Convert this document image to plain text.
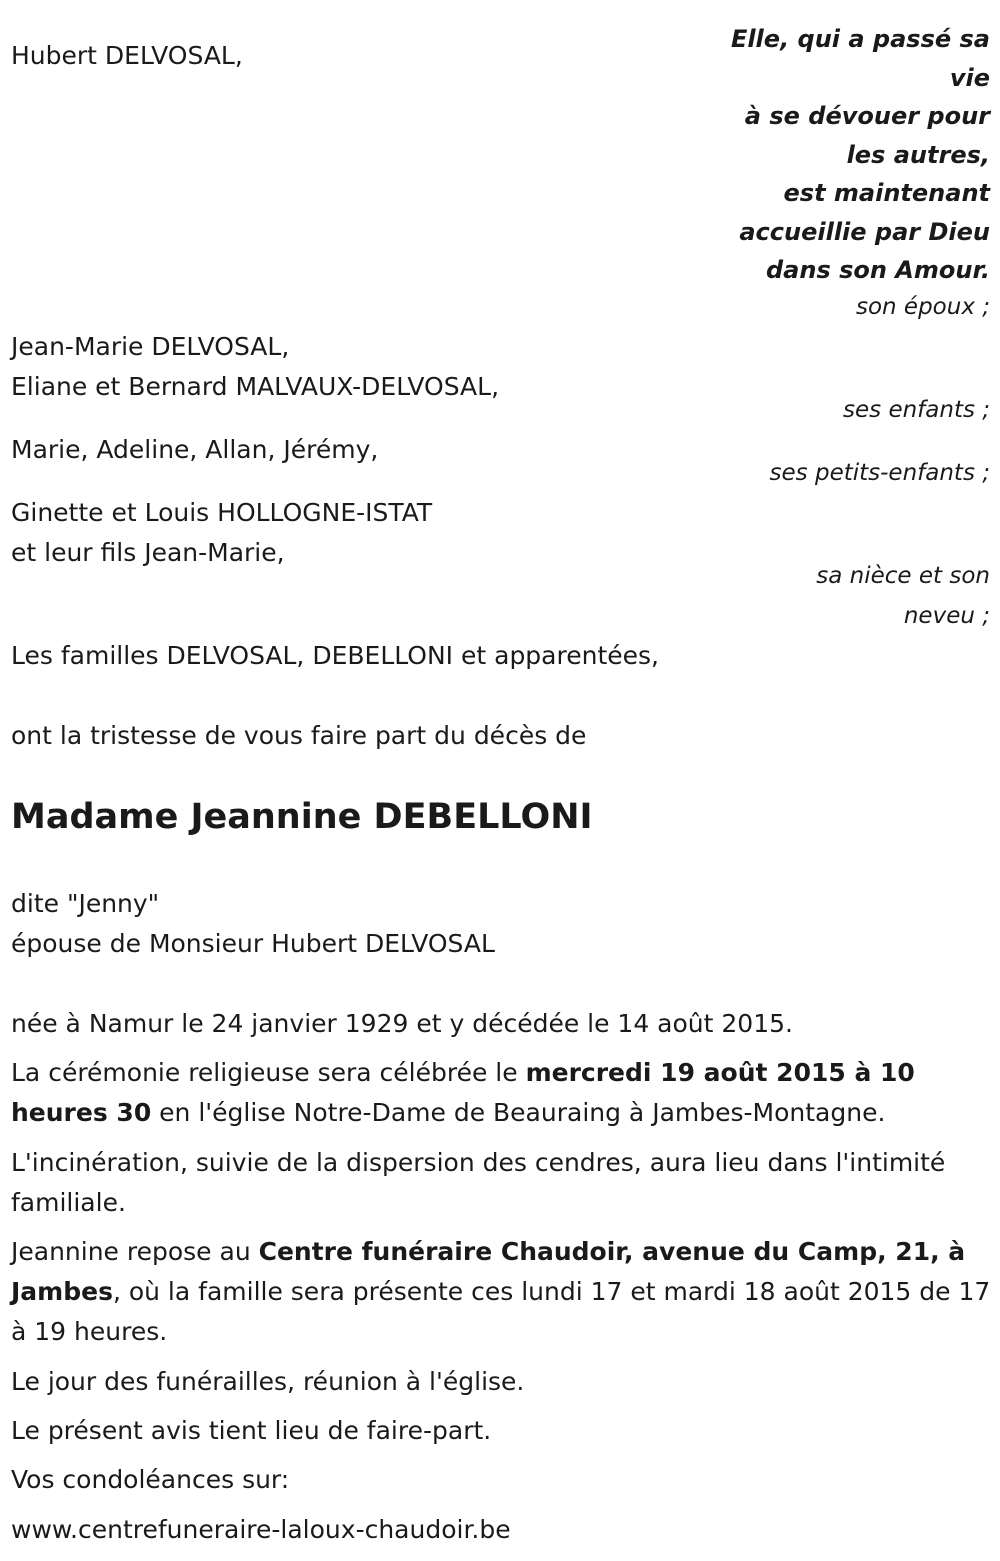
Elle, qui a passé sa
vie
à se dévouer pour
les autres,
est maintenant
accueillie par Dieu
dans son Amour.
Hubert DELVOSAL,
son époux ;
Jean-Marie DELVOSAL,
Eliane et Bernard MALVAUX-DELVOSAL,
ses enfants ;
Marie, Adeline, Allan, Jérémy,
ses petits-enfants ;
Ginette et Louis HOLLOGNE-ISTAT
et leur fils Jean-Marie,
sa nièce et son
neveu ;
Les familles DELVOSAL, DEBELLONI et apparentées,
ont la tristesse de vous faire part du décès de
Madame Jeannine DEBELLONI
dite "Jenny"
épouse de Monsieur Hubert DELVOSAL
née à Namur le 24 janvier 1929 et y décédée le 14 août 2015.
La cérémonie religieuse sera célébrée le mercredi 19 août 2015 à 10 heures 30 en l'église Notre-Dame de Beauraing à Jambes-Montagne.
L'incinération, suivie de la dispersion des cendres, aura lieu dans l'intimité familiale.
Jeannine repose au Centre funéraire Chaudoir, avenue du Camp, 21, à Jambes, où la famille sera présente ces lundi 17 et mardi 18 août 2015 de 17 à 19 heures.
Le jour des funérailles, réunion à l'église.
Le présent avis tient lieu de faire-part.
Vos condoléances sur:
www.centrefuneraire-laloux-chaudoir.be
